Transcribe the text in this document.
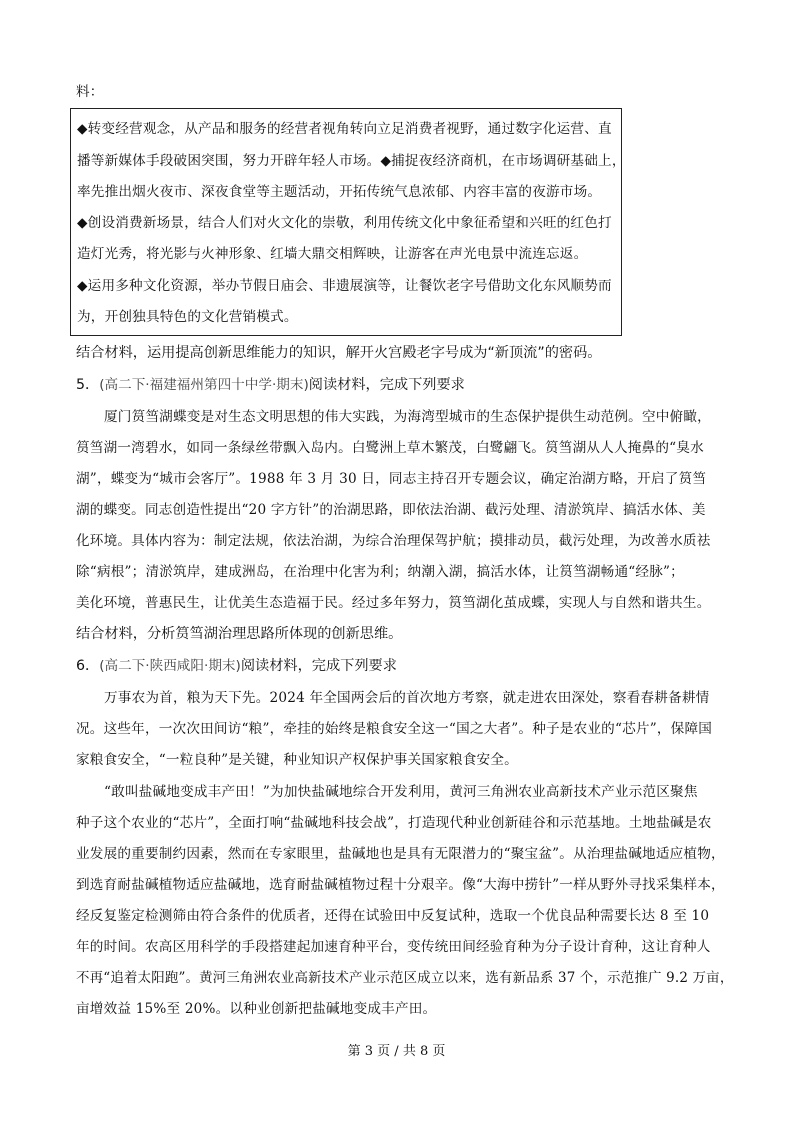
料：
◆转变经营观念，从产品和服务的经营者视角转向立足消费者视野，通过数字化运营、直
播等新媒体手段破困突围，努力开辟年轻人市场。◆捕捉夜经济商机，在市场调研基础上，
率先推出烟火夜市、深夜食堂等主题活动，开拓传统气息浓郁、内容丰富的夜游市场。
◆创设消费新场景，结合人们对火文化的崇敬，利用传统文化中象征希望和兴旺的红色打
造灯光秀，将光影与火神形象、红墙大鼎交相辉映，让游客在声光电景中流连忘返。
◆运用多种文化资源，举办节假日庙会、非遗展演等，让餐饮老字号借助文化东风顺势而
为，开创独具特色的文化营销模式。
结合材料，运用提高创新思维能力的知识，解开火宫殿老字号成为“新顶流”的密码。
5．(高二下·福建福州第四十中学·期末)阅读材料，完成下列要求
厦门筼筜湖蝶变是对生态文明思想的伟大实践，为海湾型城市的生态保护提供生动范例。空中俯瞰，
筼筜湖一湾碧水，如同一条绿丝带飘入岛内。白鹭洲上草木繁茂，白鹭翩飞。筼筜湖从人人掩鼻的“臭水
湖”，蝶变为“城市会客厅”。1988 年 3 月 30 日，同志主持召开专题会议，确定治湖方略，开启了筼筜
湖的蝶变。同志创造性提出“20 字方针”的治湖思路，即依法治湖、截污处理、清淤筑岸、搞活水体、美
化环境。具体内容为：制定法规，依法治湖，为综合治理保驾护航；摸排动员，截污处理，为改善水质祛
除“病根”；清淤筑岸，建成洲岛，在治理中化害为利；纳潮入湖，搞活水体，让筼筜湖畅通“经脉”；
美化环境，普惠民生，让优美生态造福于民。经过多年努力，筼筜湖化茧成蝶，实现人与自然和谐共生。
结合材料，分析筼筜湖治理思路所体现的创新思维。
6．(高二下·陕西咸阳·期末)阅读材料，完成下列要求
万事农为首，粮为天下先。2024 年全国两会后的首次地方考察，就走进农田深处，察看春耕备耕情
况。这些年，一次次田间访“粮”，牵挂的始终是粮食安全这一“国之大者”。种子是农业的“芯片”，保障国
家粮食安全，“一粒良种”是关键，种业知识产权保护事关国家粮食安全。
“敢叫盐碱地变成丰产田！”为加快盐碱地综合开发利用，黄河三角洲农业高新技术产业示范区聚焦
种子这个农业的“芯片”，全面打响“盐碱地科技会战”，打造现代种业创新硅谷和示范基地。土地盐碱是农
业发展的重要制约因素，然而在专家眼里，盐碱地也是具有无限潜力的“聚宝盆”。从治理盐碱地适应植物，
到选育耐盐碱植物适应盐碱地，选育耐盐碱植物过程十分艰辛。像“大海中捞针”一样从野外寻找采集样本，
经反复鉴定检测筛由符合条件的优质者，还得在试验田中反复试种，选取一个优良品种需要长达 8 至 10
年的时间。农高区用科学的手段搭建起加速育种平台，变传统田间经验育种为分子设计育种，这让育种人
不再“追着太阳跑”。黄河三角洲农业高新技术产业示范区成立以来，选有新品系 37 个，示范推广 9.2 万亩，
亩增效益 15%至 20%。以种业创新把盐碱地变成丰产田。
第 3 页 / 共 8 页
